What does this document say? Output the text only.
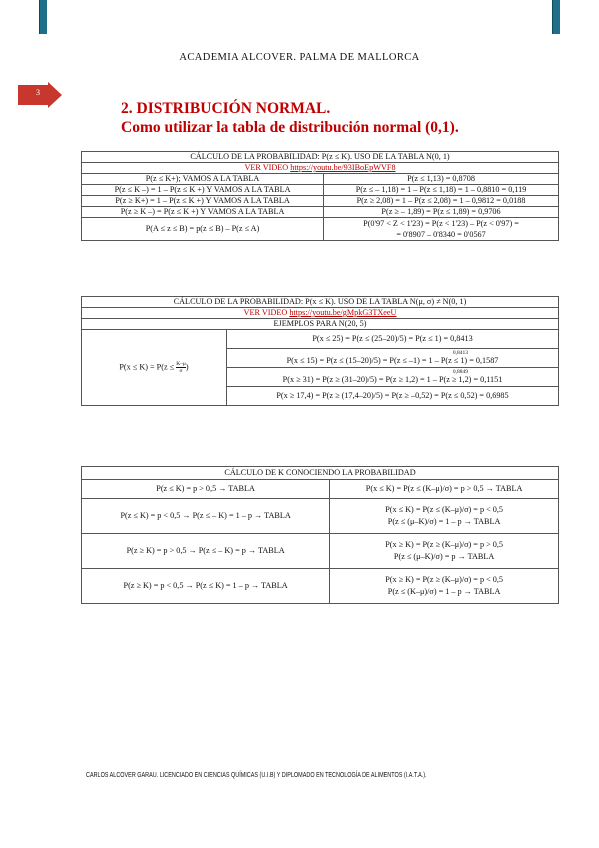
ACADEMIA ALCOVER. PALMA DE MALLORCA
3
2. DISTRIBUCIÓN NORMAL.
Como utilizar la tabla de distribución normal (0,1).
CÁLCULO DE LA PROBABILIDAD: P(z ≤ K). USO DE LA TABLA N(0, 1)	
VER VIDEO https://youtu.be/93IBoEpWVF8	
P(z ≤ K+); VAMOS A LA TABLA	P(z ≤ 1,13) = 0,8708
P(z ≤ K –) = 1 – P(z ≤ K +) Y VAMOS A LA TABLA	P(z ≤ – 1,18) = 1 – P(z ≤ 1,18) = 1 – 0,8810 = 0,119
P(z ≥ K+) = 1 – P(z ≤ K +) Y VAMOS A LA TABLA	P(z ≥ 2,08) = 1 – P(z ≤ 2,08) = 1 – 0,9812 = 0,0188
P(z ≥ K –) = P(z ≤ K +) Y VAMOS A LA TABLA	P(z ≥ – 1,89) = P(z ≤ 1,89) = 0,9706
P(A ≤ z ≤ B) = p(z ≤ B) – P(z ≤ A)	P(0'97 < Z < 1'23) = P(z < 1'23) – P(z < 0'97) =
= 0'8907 – 0'8340 = 0'0567
CÁLCULO DE LA PROBABILIDAD: P(x ≤ K). USO DE LA TABLA N(μ, σ) ≠ N(0, 1)
VER VIDEO https://youtu.be/gMpkG3TXeeU
EJEMPLOS PARA N(20, 5)
$P(x \le K) = P(z \le \frac{K-\mu}{\sigma}$ )	P(x ≤ 25) = P(z ≤ (25–20)/5) = P(z ≤ 1) = 0,8413

0,8413
P(x ≤ 15) = P(z ≤ (15–20)/5) = P(z ≤ –1) = 1 – P(z ≤ 1) = 0,1587

0,8849
P(x ≥ 31) = P(z ≥ (31–20)/5) = P(z ≥ 1,2) = 1 – P(z ≥ 1,2) = 0,1151

P(x ≥ 17,4) = P(z ≥ (17,4–20)/5) = P(z ≥ –0,52) = P(z ≤ 0,52) = 0,6985
CÁLCULO DE K CONOCIENDO LA PROBABILIDAD	
P(z ≤ K) = p > 0,5 → TABLA	P(x ≤ K) = P(z ≤ (K–μ)/σ) = p > 0,5 → TABLA
P(z ≤ K) = p < 0,5 → P(z ≤ – K) = 1 – p → TABLA	P(x ≤ K) = P(z ≤ (K–μ)/σ) = p < 0,5
P(z ≤ (μ–K)/σ) = 1 – p → TABLA

P(z ≥ K) = p > 0,5 → P(z ≤ – K) = p → TABLA	P(x ≥ K) = P(z ≥ (K–μ)/σ) = p > 0,5
P(z ≤ (μ–K)/σ) = p → TABLA

P(z ≥ K) = p < 0,5 → P(z ≤ K) = 1 – p → TABLA	P(x ≥ K) = P(z ≥ (K–μ)/σ) = p < 0,5
P(z ≤ (K–μ)/σ) = 1 – p → TABLA
CARLOS ALCOVER GARAU. LICENCIADO EN CIENCIAS QUÍMICAS (U.I.B) Y DIPLOMADO EN TECNOLOGÍA DE ALIMENTOS (I.A.T.A.).
